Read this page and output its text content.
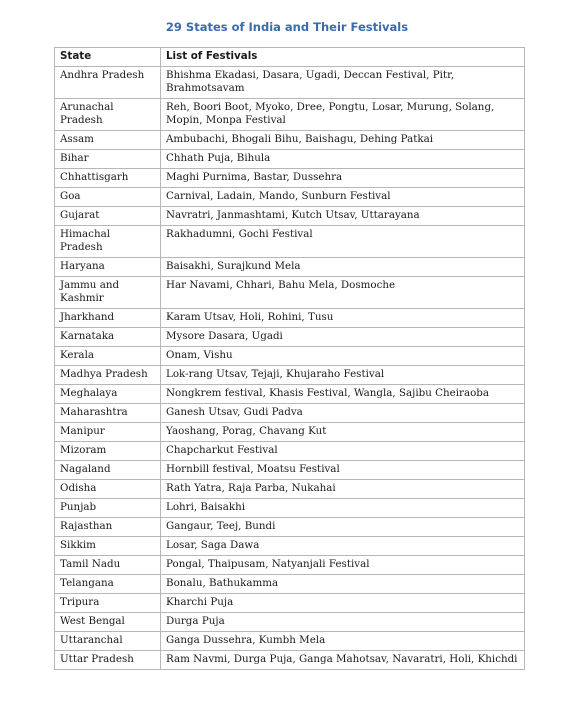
29 States of India and Their Festivals
State	List of Festivals
Andhra Pradesh	Bhishma Ekadasi, Dasara, Ugadi, Deccan Festival, Pitr, Brahmotsavam
Arunachal Pradesh	Reh, Boori Boot, Myoko, Dree, Pongtu, Losar, Murung, Solang, Mopin, Monpa Festival
Assam	Ambubachi, Bhogali Bihu, Baishagu, Dehing Patkai
Bihar	Chhath Puja, Bihula
Chhattisgarh	Maghi Purnima, Bastar, Dussehra
Goa	Carnival, Ladain, Mando, Sunburn Festival
Gujarat	Navratri, Janmashtami, Kutch Utsav, Uttarayana
Himachal Pradesh	Rakhadumni, Gochi Festival
Haryana	Baisakhi, Surajkund Mela
Jammu and Kashmir	Har Navami, Chhari, Bahu Mela, Dosmoche
Jharkhand	Karam Utsav, Holi, Rohini, Tusu
Karnataka	Mysore Dasara, Ugadi
Kerala	Onam, Vishu
Madhya Pradesh	Lok-rang Utsav, Tejaji, Khujaraho Festival
Meghalaya	Nongkrem festival, Khasis Festival, Wangla, Sajibu Cheiraoba
Maharashtra	Ganesh Utsav, Gudi Padva
Manipur	Yaoshang, Porag, Chavang Kut
Mizoram	Chapcharkut Festival
Nagaland	Hornbill festival, Moatsu Festival
Odisha	Rath Yatra, Raja Parba, Nukahai
Punjab	Lohri, Baisakhi
Rajasthan	Gangaur, Teej, Bundi
Sikkim	Losar, Saga Dawa
Tamil Nadu	Pongal, Thaipusam, Natyanjali Festival
Telangana	Bonalu, Bathukamma
Tripura	Kharchi Puja
West Bengal	Durga Puja
Uttaranchal	Ganga Dussehra, Kumbh Mela
Uttar Pradesh	Ram Navmi, Durga Puja, Ganga Mahotsav, Navaratri, Holi, Khichdi
